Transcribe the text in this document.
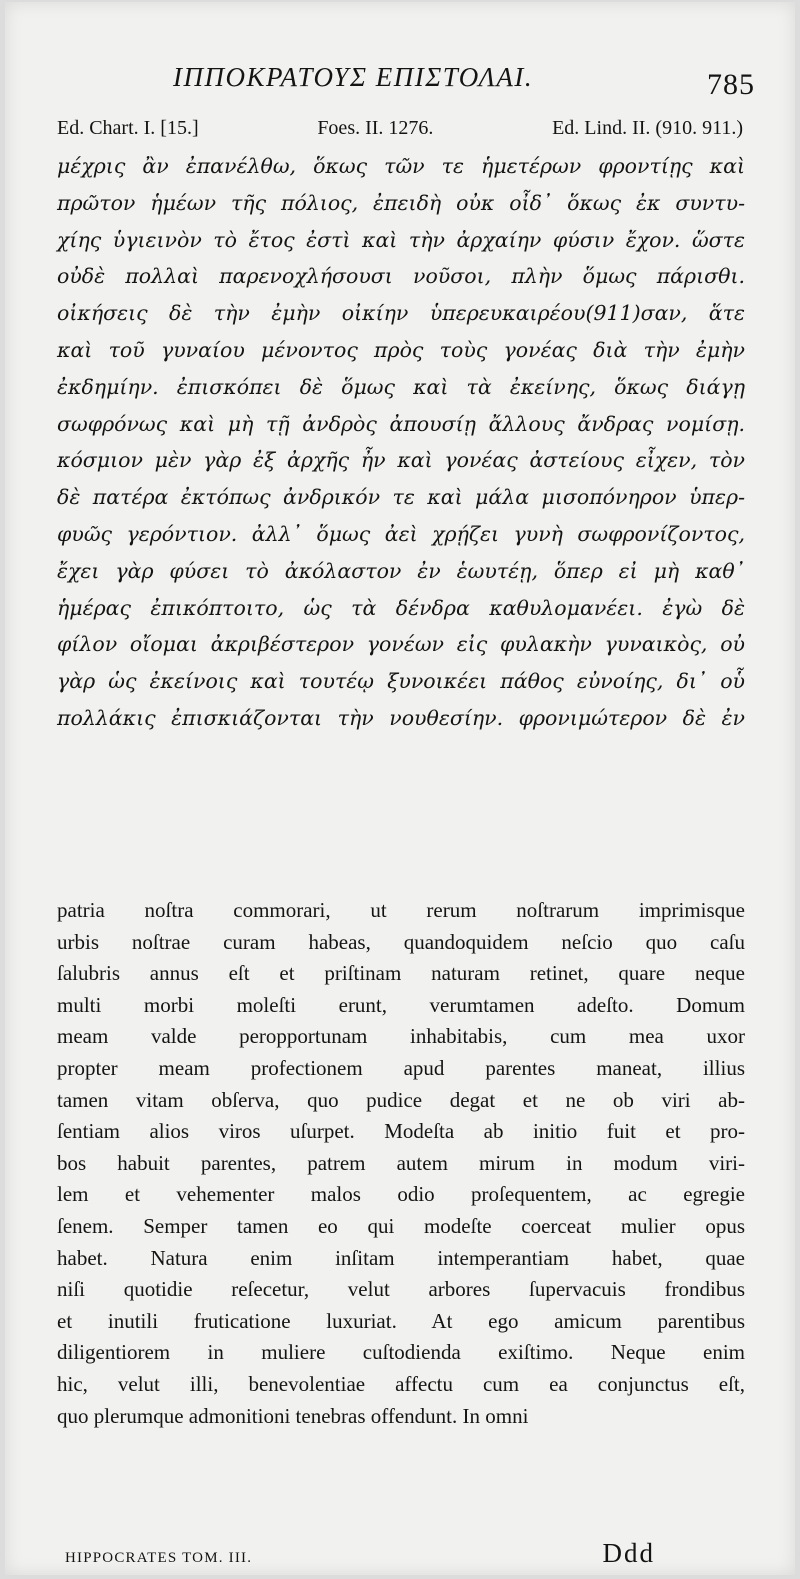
ΙΠΠΟΚΡΑΤΟΥΣ ΕΠΙΣΤΟΛΑΙ.	785
Ed. Chart. I. [15.]	Foes. II. 1276.	Ed. Lind. II. (910. 911.)
μέχρις ἂν ἐπανέλθω, ὅκως τῶν τε ἡμετέρων φροντίῃς καὶ
πρῶτον ἡμέων τῆς πόλιος, ἐπειδὴ οὐκ οἶδ᾽ ὅκως ἐκ συντυ-
χίης ὑγιεινὸν τὸ ἔτος ἐστὶ καὶ τὴν ἀρχαίην φύσιν ἔχον. ὥστε
οὐδὲ πολλαὶ παρενοχλήσουσι νοῦσοι, πλὴν ὅμως πάρισθι.
οἰκήσεις δὲ τὴν ἐμὴν οἰκίην ὑπερευκαιρέου(911)σαν, ἅτε
καὶ τοῦ γυναίου μένοντος πρὸς τοὺς γονέας διὰ τὴν ἐμὴν
ἐκδημίην. ἐπισκόπει δὲ ὅμως καὶ τὰ ἐκείνης, ὅκως διάγῃ
σωφρόνως καὶ μὴ τῇ ἀνδρὸς ἀπουσίῃ ἄλλους ἄνδρας νομίσῃ.
κόσμιον μὲν γὰρ ἐξ ἀρχῆς ἦν καὶ γονέας ἀστείους εἶχεν, τὸν
δὲ πατέρα ἐκτόπως ἀνδρικόν τε καὶ μάλα μισοπόνηρον ὑπερ-
φυῶς γερόντιον. ἀλλ᾽ ὅμως ἀεὶ χρῄζει γυνὴ σωφρονίζοντος,
ἔχει γὰρ φύσει τὸ ἀκόλαστον ἐν ἑωυτέῃ, ὅπερ εἰ μὴ καθ᾽
ἡμέρας ἐπικόπτοιτο, ὡς τὰ δένδρα καθυλομανέει. ἐγὼ δὲ
φίλον οἴομαι ἀκριβέστερον γονέων εἰς φυλακὴν γυναικὸς, οὐ
γὰρ ὡς ἐκείνοις καὶ τουτέῳ ξυνοικέει πάθος εὐνοίης, δι᾽ οὗ
πολλάκις ἐπισκιάζονται τὴν νουθεσίην. φρονιμώτερον δὲ ἐν
patria noſtra commorari, ut rerum noſtrarum imprimisque
urbis noſtrae curam habeas, quandoquidem neſcio quo caſu
ſalubris annus eſt et priſtinam naturam retinet, quare neque
multi morbi moleſti erunt, verumtamen adeſto. Domum
meam valde peropportunam inhabitabis, cum mea uxor
propter meam profectionem apud parentes maneat, illius
tamen vitam obſerva, quo pudice degat et ne ob viri ab-
ſentiam alios viros uſurpet. Modeſta ab initio fuit et pro-
bos habuit parentes, patrem autem mirum in modum viri-
lem et vehementer malos odio proſequentem, ac egregie
ſenem. Semper tamen eo qui modeſte coerceat mulier opus
habet. Natura enim inſitam intemperantiam habet, quae
niſi quotidie reſecetur, velut arbores ſupervacuis frondibus
et inutili fruticatione luxuriat. At ego amicum parentibus
diligentiorem in muliere cuſtodienda exiſtimo. Neque enim
hic, velut illi, benevolentiae affectu cum ea conjunctus eſt,
quo plerumque admonitioni tenebras offendunt. In omni
HIPPOCRATES TOM. III.	Ddd
